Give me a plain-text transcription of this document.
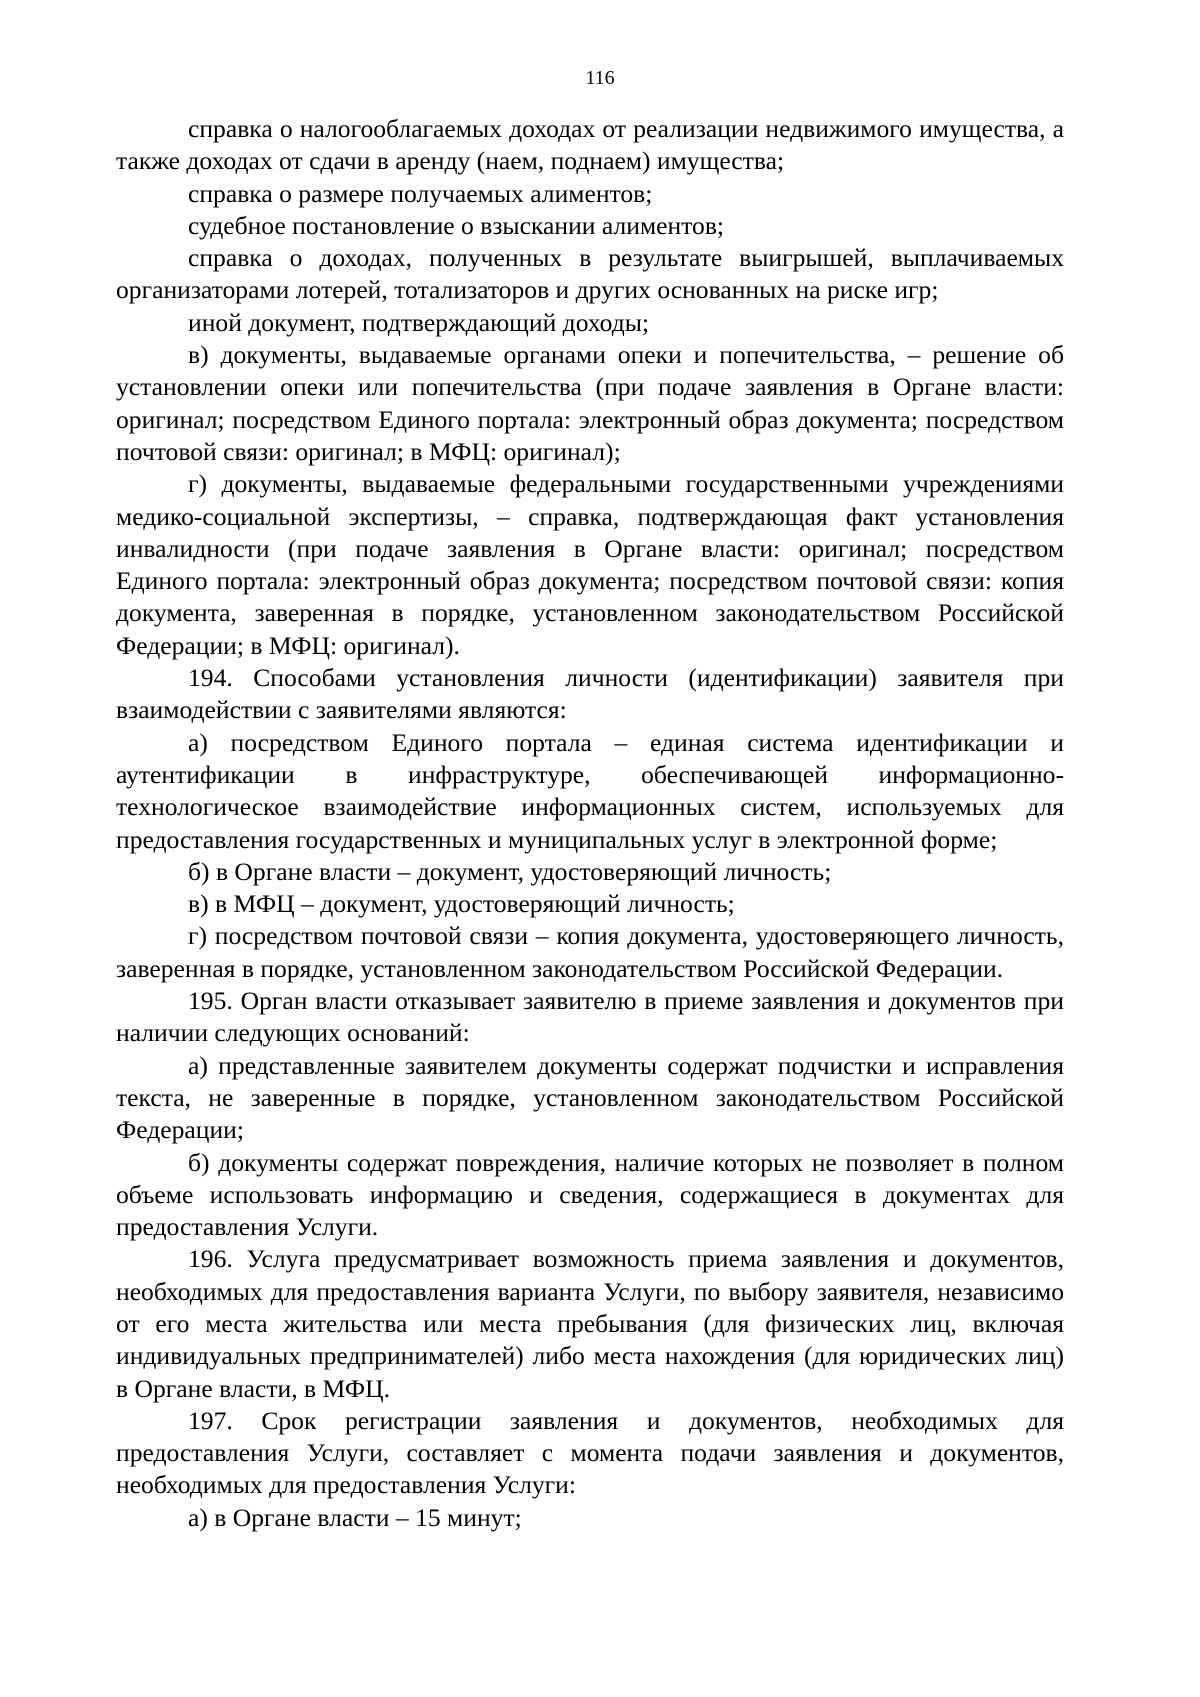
116

справка о налогооблагаемых доходах от реализации недвижимого имущества, а также доходах от сдачи в аренду (наем, поднаем) имущества;

справка о размере получаемых алиментов;

судебное постановление о взыскании алиментов;

справка о доходах, полученных в результате выигрышей, выплачиваемых организаторами лотерей, тотализаторов и других основанных на риске игр;

иной документ, подтверждающий доходы;

в) документы, выдаваемые органами опеки и попечительства, – решение об установлении опеки или попечительства (при подаче заявления в Органе власти: оригинал; посредством Единого портала: электронный образ документа; посредством почтовой связи: оригинал; в МФЦ: оригинал);

г) документы, выдаваемые федеральными государственными учреждениями медико-социальной экспертизы, – справка, подтверждающая факт установления инвалидности (при подаче заявления в Органе власти: оригинал; посредством Единого портала: электронный образ документа; посредством почтовой связи: копия документа, заверенная в порядке, установленном законодательством Российской Федерации; в МФЦ: оригинал).

194. Способами установления личности (идентификации) заявителя при взаимодействии с заявителями являются:

а) посредством Единого портала – единая система идентификации и аутентификации в инфраструктуре, обеспечивающей информационно-технологическое взаимодействие информационных систем, используемых для предоставления государственных и муниципальных услуг в электронной форме;

б) в Органе власти – документ, удостоверяющий личность;

в) в МФЦ – документ, удостоверяющий личность;

г) посредством почтовой связи – копия документа, удостоверяющего личность, заверенная в порядке, установленном законодательством Российской Федерации.

195. Орган власти отказывает заявителю в приеме заявления и документов при наличии следующих оснований:

а) представленные заявителем документы содержат подчистки и исправления текста, не заверенные в порядке, установленном законодательством Российской Федерации;

б) документы содержат повреждения, наличие которых не позволяет в полном объеме использовать информацию и сведения, содержащиеся в документах для предоставления Услуги.

196. Услуга предусматривает возможность приема заявления и документов, необходимых для предоставления варианта Услуги, по выбору заявителя, независимо от его места жительства или места пребывания (для физических лиц, включая индивидуальных предпринимателей) либо места нахождения (для юридических лиц) в Органе власти, в МФЦ.

197. Срок регистрации заявления и документов, необходимых для предоставления Услуги, составляет с момента подачи заявления и документов, необходимых для предоставления Услуги:

а) в Органе власти – 15 минут;
